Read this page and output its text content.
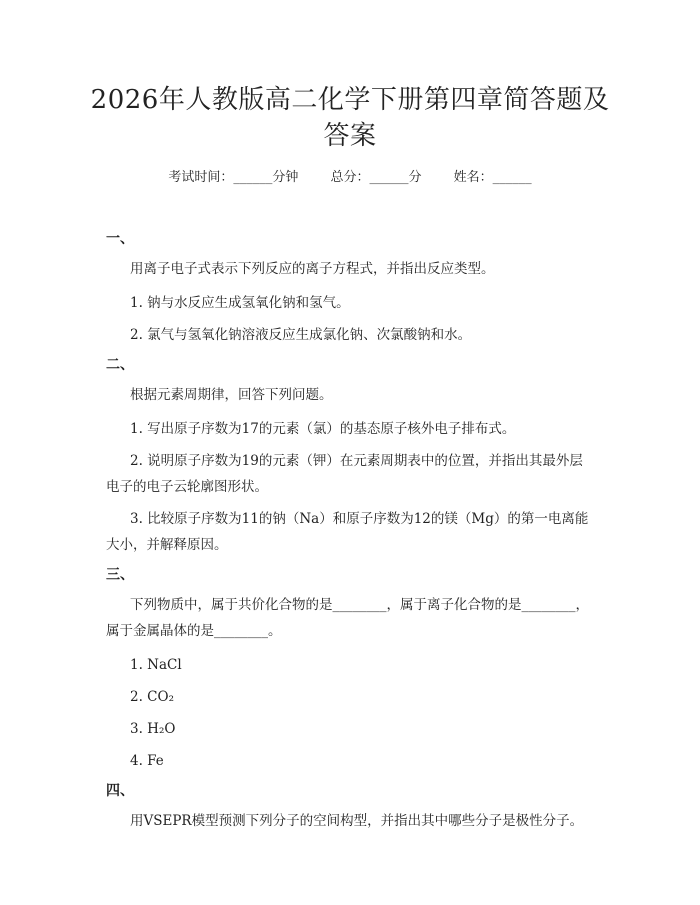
2026年人教版高二化学下册第四章简答题及答案
考试时间：______分钟 总分：______分 姓名：______
一、
用离子电子式表示下列反应的离子方程式，并指出反应类型。
1. 钠与水反应生成氢氧化钠和氢气。
2. 氯气与氢氧化钠溶液反应生成氯化钠、次氯酸钠和水。
二、
根据元素周期律，回答下列问题。
1. 写出原子序数为17的元素（氯）的基态原子核外电子排布式。
2. 说明原子序数为19的元素（钾）在元素周期表中的位置，并指出其最外层电子的电子云轮廓图形状。
3. 比较原子序数为11的钠（Na）和原子序数为12的镁（Mg）的第一电离能大小，并解释原因。
三、
下列物质中，属于共价化合物的是________，属于离子化合物的是________，属于金属晶体的是________。
1. NaCl
2. CO₂
3. H₂O
4. Fe
四、
用VSEPR模型预测下列分子的空间构型，并指出其中哪些分子是极性分子。
